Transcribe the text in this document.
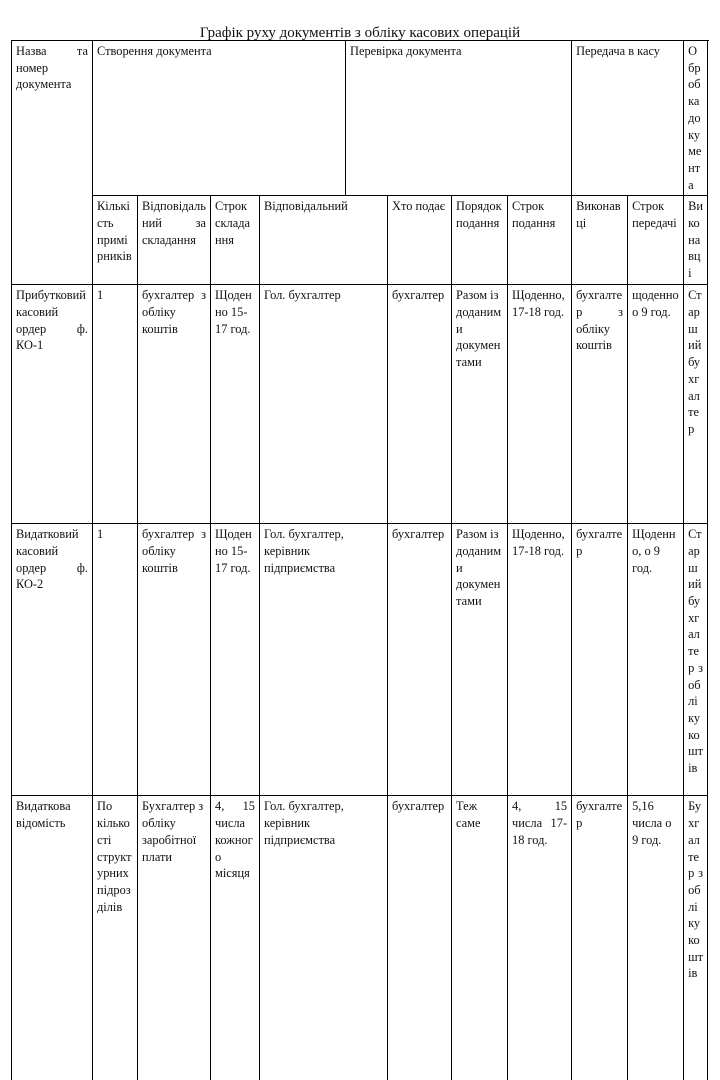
Графік руху документів з обліку касових операцій
Назва та номер документа	Створення документа				Перевірка документа				Передача в касу		Обробка документа	
	Кількість примірників	Відповідальний за складання	Строк складання	Відповідальний		Хто подає	Порядок подання	Строк подання	Виконавці	Строк передачі	Виконавці	
Прибутковий касовий ордер ф. КО-1	1	бухгалтер з обліку коштів	Щоденно 15-17 год.	Гол. бухгалтер		бухгалтер	Разом із доданими документами	Щоденно, 17-18 год.	бухгалтер з обліку коштів	щоденно о 9 год.	Старший бухгалтер	
Видатковий касовий ордер ф. КО-2	1	бухгалтер з обліку коштів	Щоденно 15-17 год.	Гол. бухгалтер, керівник підприємства		бухгалтер	Разом із доданими документами	Щоденно, 17-18 год.	бухгалтер	Щоденно, о 9 год.	Старший бухгалтер з обліку коштів	
Видаткова відомість	По кількості структурних підрозділів	Бухгалтер з обліку заробітної плати	4, 15 числа кожного місяця	Гол. бухгалтер, керівник підприємства		бухгалтер	Теж саме	4, 15 числа 17-18 год.	бухгалтер	5,16 числа о 9 год.	Бухгалтер з обліку коштів	
